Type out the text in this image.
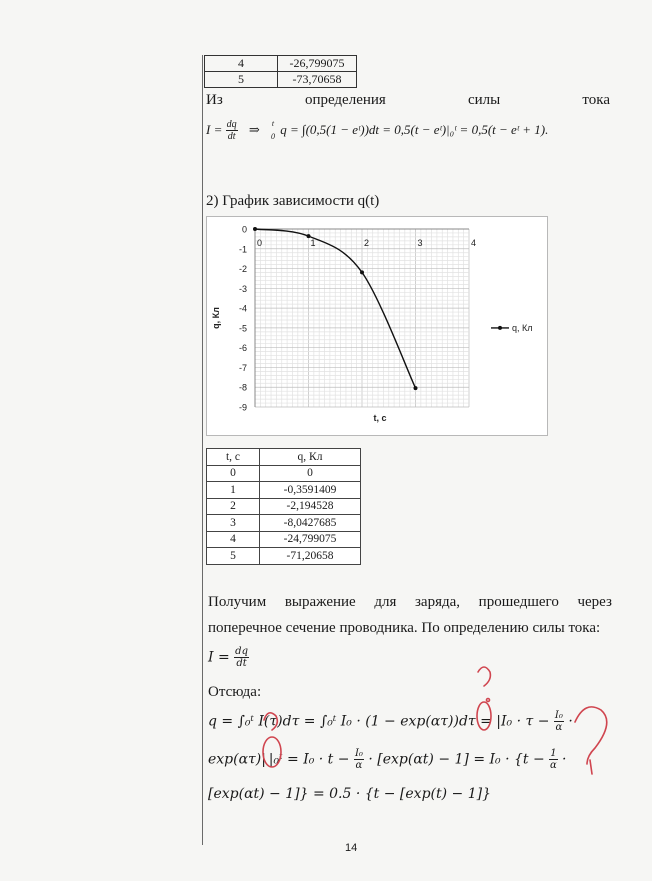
4	-26,799075
5	-73,70658
Из	определения	силы	тока
$I = \frac{dq}{dt}$ ⇒ t
0 q = ∫(0,5(1 − eᵗ))dt = 0,5(t − eᵗ)|₀ᵗ = 0,5(t − eᵗ + 1).
2) График зависимости q(t)
0
-1
-2
-3
-4
-5
-6
-7
-8
-9
0	1	2	3	4
t, c
q, Кл	q, Кл
t, c	q, Кл
0	0
1	-0,3591409
2	-2,194528
3	-8,0427685
4	-24,799075
5	-71,20658
Получим выражение для заряда, прошедшего через
поперечное сечение проводника. По определению силы тока:
$I = \frac{dq}{dt}$
Отсюда:
q = ∫₀ᵗ I(τ)dτ = ∫₀ᵗ $I_0 \cdot (1 - \exp(\alpha\tau))d\tau = |I_0 \cdot \tau - \frac{\text{I₀}}{\alpha}$ ·
exp(ατ)| |₀ᵗ = $I_0 \cdot t - \frac{\text{I₀}}{\alpha} \cdot [\exp(\alpha t) - 1] = I_0 \cdot \{t - \frac{1}{\alpha}$ ·
[exp(αt) − 1]} = 0.5 · {t − [exp(t) − 1]}
14
